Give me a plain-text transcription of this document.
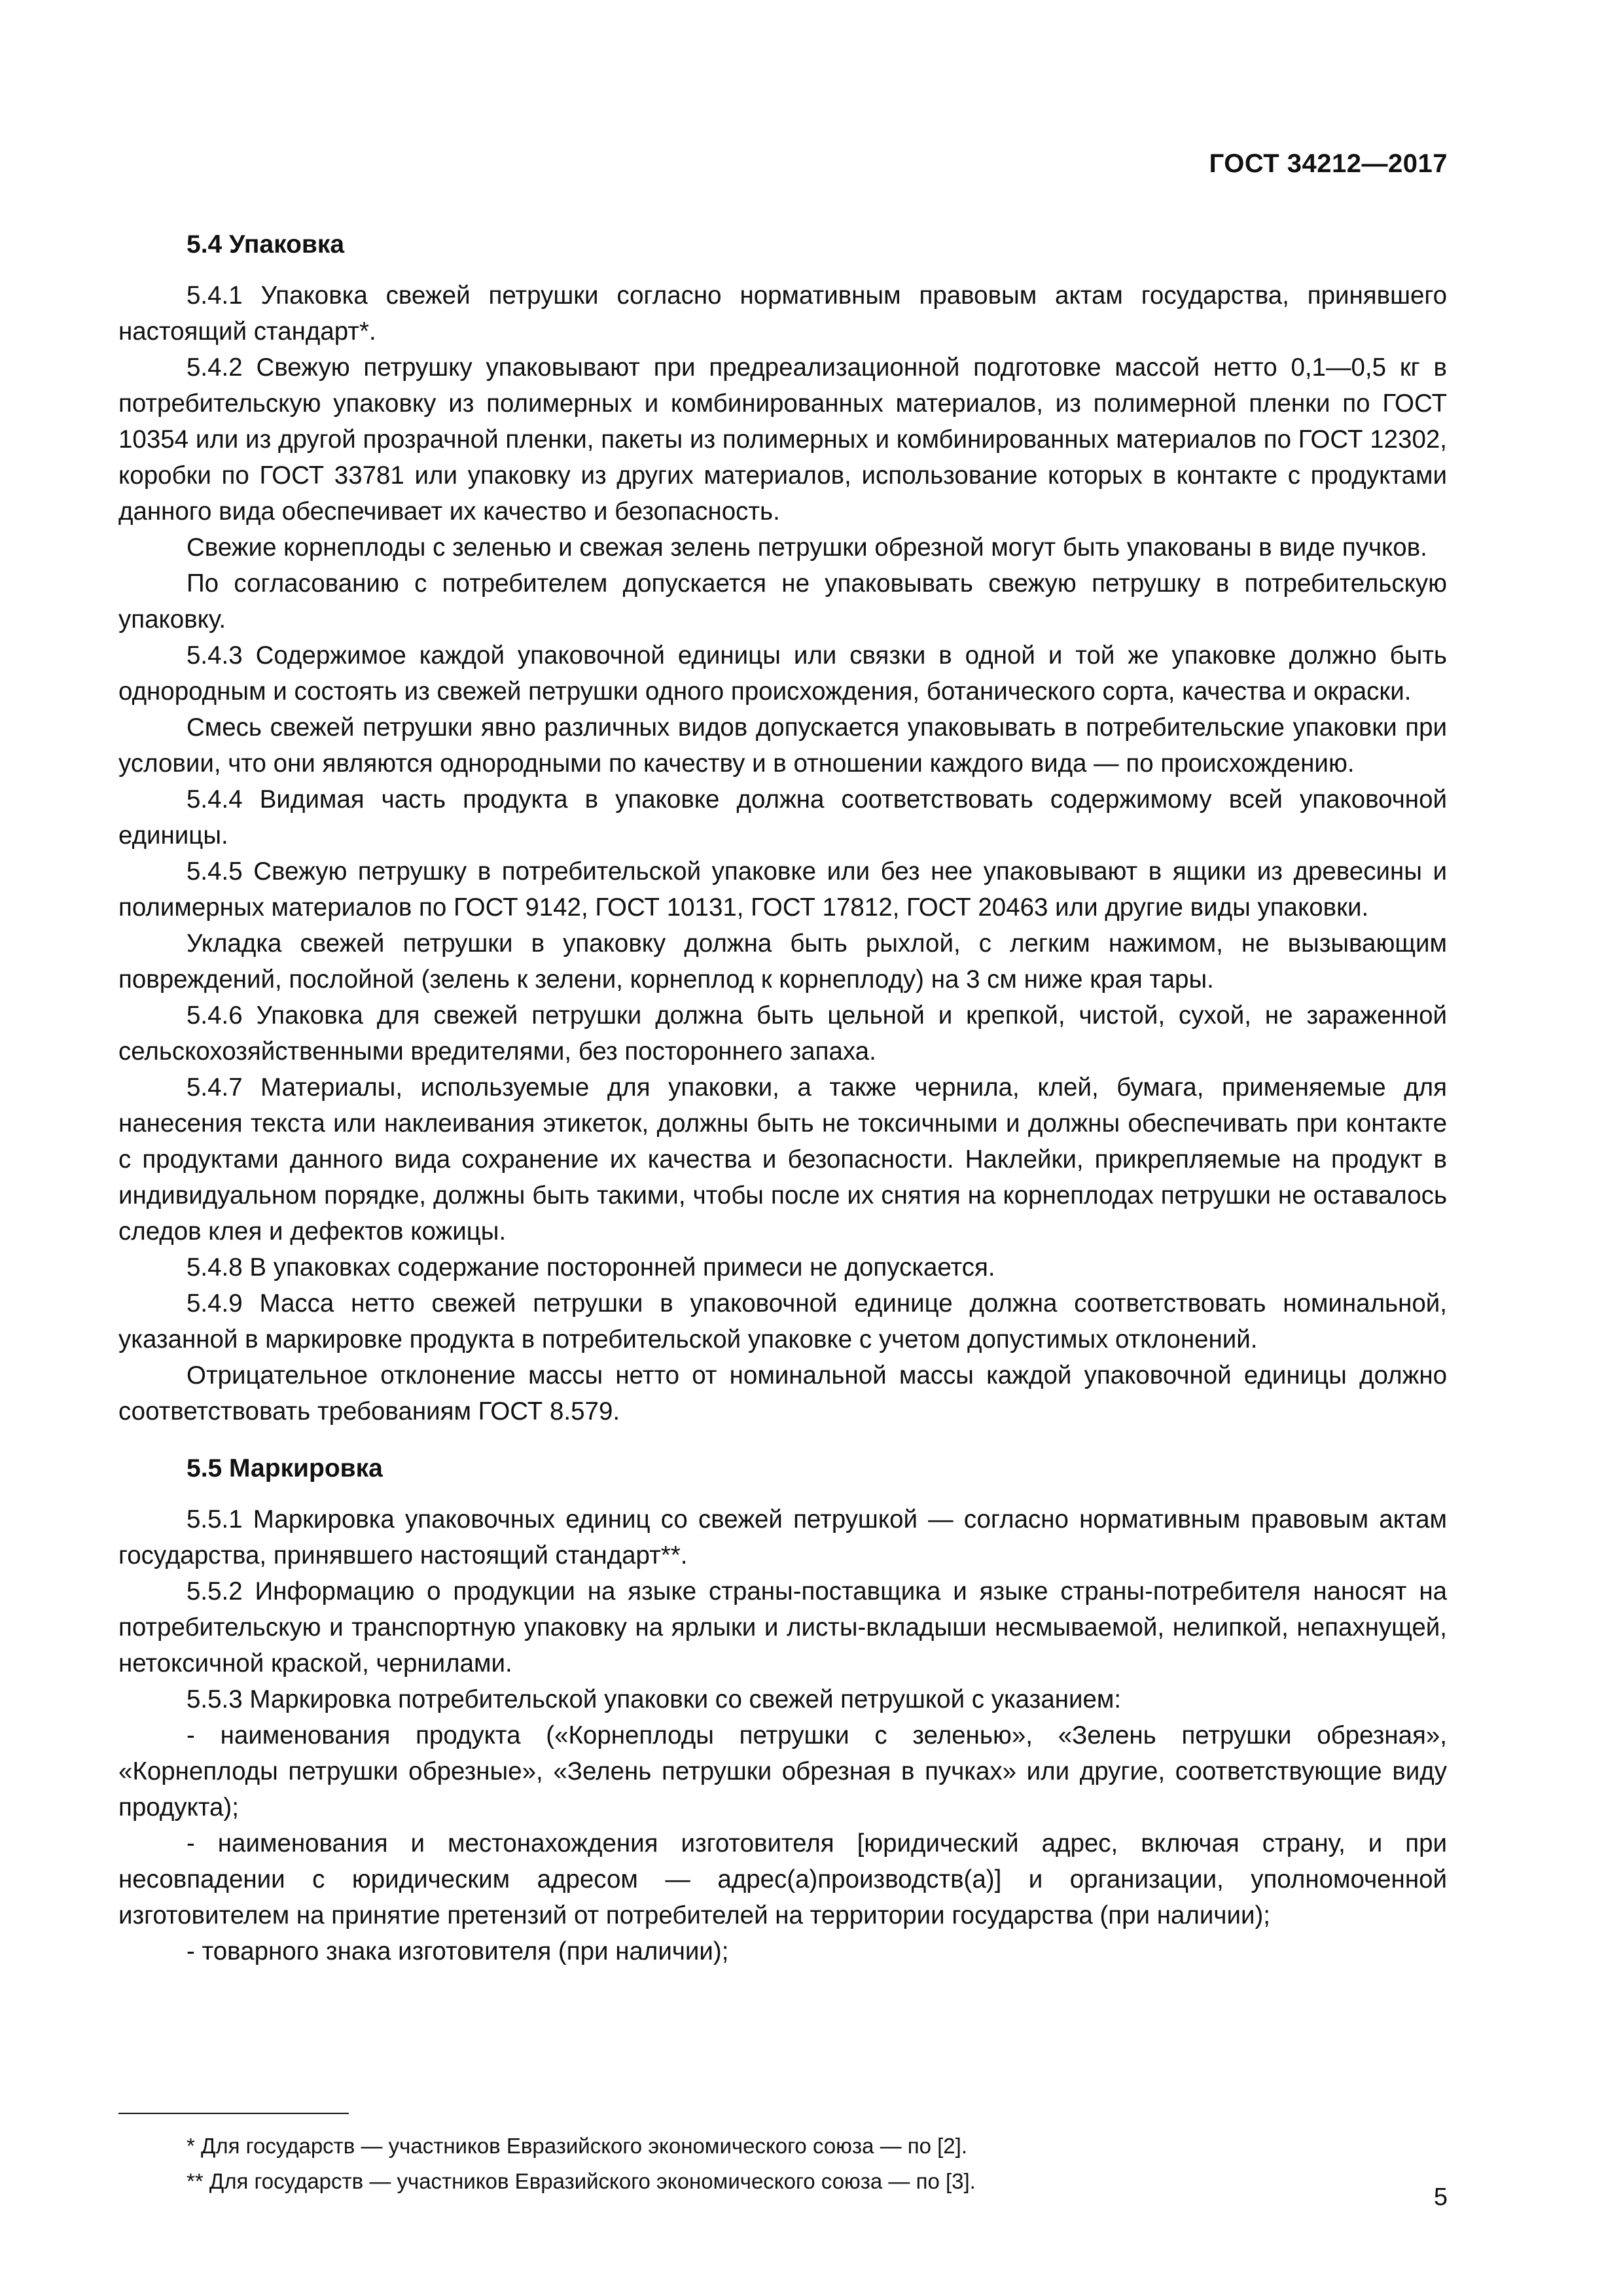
ГОСТ 34212—2017
5.4 Упаковка

5.4.1 Упаковка свежей петрушки согласно нормативным правовым актам государства, принявшего настоящий стандарт*.

5.4.2 Свежую петрушку упаковывают при предреализационной подготовке массой нетто 0,1—0,5 кг в потребительскую упаковку из полимерных и комбинированных материалов, из полимерной пленки по ГОСТ 10354 или из другой прозрачной пленки, пакеты из полимерных и комбинированных материалов по ГОСТ 12302, коробки по ГОСТ 33781 или упаковку из других материалов, использование которых в контакте с продуктами данного вида обеспечивает их качество и безопасность.

Свежие корнеплоды с зеленью и свежая зелень петрушки обрезной могут быть упакованы в виде пучков.

По согласованию с потребителем допускается не упаковывать свежую петрушку в потребительскую упаковку.

5.4.3 Содержимое каждой упаковочной единицы или связки в одной и той же упаковке должно быть однородным и состоять из свежей петрушки одного происхождения, ботанического сорта, качества и окраски.

Смесь свежей петрушки явно различных видов допускается упаковывать в потребительские упаковки при условии, что они являются однородными по качеству и в отношении каждого вида — по происхождению.

5.4.4 Видимая часть продукта в упаковке должна соответствовать содержимому всей упаковочной единицы.

5.4.5 Свежую петрушку в потребительской упаковке или без нее упаковывают в ящики из древесины и полимерных материалов по ГОСТ 9142, ГОСТ 10131, ГОСТ 17812, ГОСТ 20463 или другие виды упаковки.

Укладка свежей петрушки в упаковку должна быть рыхлой, с легким нажимом, не вызывающим повреждений, послойной (зелень к зелени, корнеплод к корнеплоду) на 3 см ниже края тары.

5.4.6 Упаковка для свежей петрушки должна быть цельной и крепкой, чистой, сухой, не зараженной сельскохозяйственными вредителями, без постороннего запаха.

5.4.7 Материалы, используемые для упаковки, а также чернила, клей, бумага, применяемые для нанесения текста или наклеивания этикеток, должны быть не токсичными и должны обеспечивать при контакте с продуктами данного вида сохранение их качества и безопасности. Наклейки, прикрепляемые на продукт в индивидуальном порядке, должны быть такими, чтобы после их снятия на корнеплодах петрушки не оставалось следов клея и дефектов кожицы.

5.4.8 В упаковках содержание посторонней примеси не допускается.

5.4.9 Масса нетто свежей петрушки в упаковочной единице должна соответствовать номинальной, указанной в маркировке продукта в потребительской упаковке с учетом допустимых отклонений.

Отрицательное отклонение массы нетто от номинальной массы каждой упаковочной единицы должно соответствовать требованиям ГОСТ 8.579.

5.5 Маркировка

5.5.1 Маркировка упаковочных единиц со свежей петрушкой — согласно нормативным правовым актам государства, принявшего настоящий стандарт**.

5.5.2 Информацию о продукции на языке страны-поставщика и языке страны-потребителя наносят на потребительскую и транспортную упаковку на ярлыки и листы-вкладыши несмываемой, нелипкой, непахнущей, нетоксичной краской, чернилами.

5.5.3 Маркировка потребительской упаковки со свежей петрушкой с указанием:

- наименования продукта («Корнеплоды петрушки с зеленью», «Зелень петрушки обрезная», «Корнеплоды петрушки обрезные», «Зелень петрушки обрезная в пучках» или другие, соответствующие виду продукта);

- наименования и местонахождения изготовителя [юридический адрес, включая страну, и при несовпадении с юридическим адресом — адрес(а)производств(а)] и организации, уполномоченной изготовителем на принятие претензий от потребителей на территории государства (при наличии);

- товарного знака изготовителя (при наличии);

* Для государств — участников Евразийского экономического союза — по [2].
** Для государств — участников Евразийского экономического союза — по [3].
5
